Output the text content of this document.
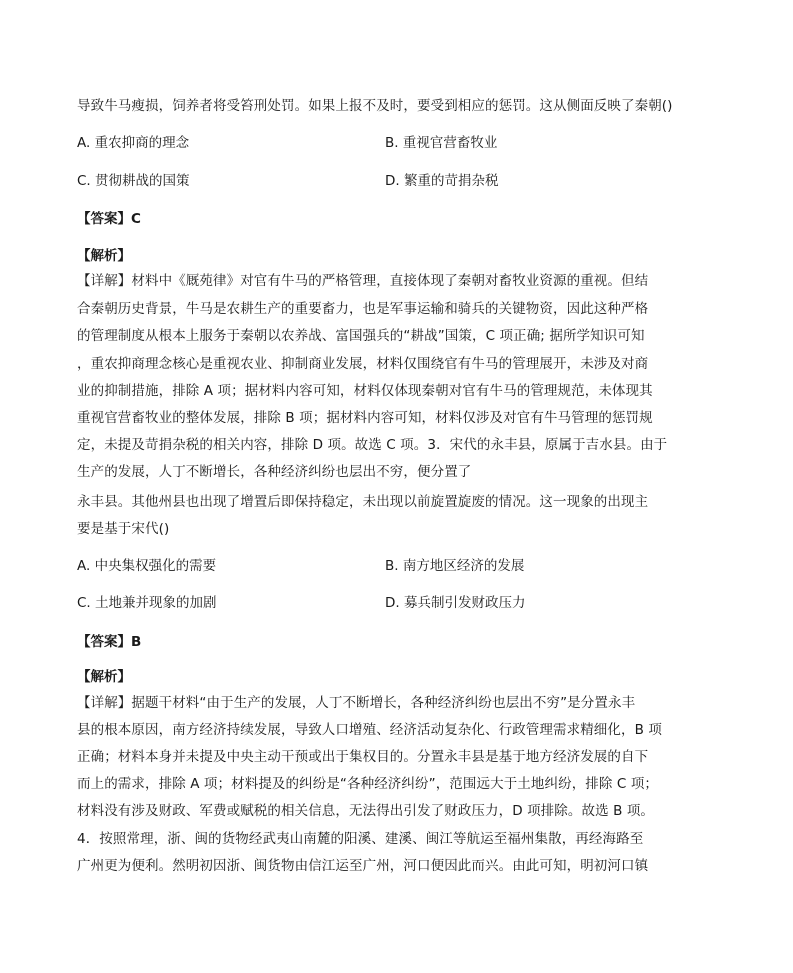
导致牛马瘦损，饲养者将受笞刑处罚。如果上报不及时，要受到相应的惩罚。这从侧面反映了秦朝()
A. 重农抑商的理念	B. 重视官营畜牧业
C. 贯彻耕战的国策	D. 繁重的苛捐杂税
【答案】C
【解析】
【详解】材料中《厩苑律》对官有牛马的严格管理，直接体现了秦朝对畜牧业资源的重视。但结
合秦朝历史背景，牛马是农耕生产的重要畜力，也是军事运输和骑兵的关键物资，因此这种严格
的管理制度从根本上服务于秦朝以农养战、富国强兵的“耕战”国策，C 项正确; 据所学知识可知
，重农抑商理念核心是重视农业、抑制商业发展，材料仅围绕官有牛马的管理展开，未涉及对商
业的抑制措施，排除 A 项；据材料内容可知，材料仅体现秦朝对官有牛马的管理规范，未体现其
重视官营畜牧业的整体发展，排除 B 项；据材料内容可知，材料仅涉及对官有牛马管理的惩罚规
定，未提及苛捐杂税的相关内容，排除 D 项。故选 C 项。3．宋代的永丰县，原属于吉水县。由于
生产的发展，人丁不断增长，各种经济纠纷也层出不穷，便分置了
永丰县。其他州县也出现了增置后即保持稳定，未出现以前旋置旋废的情况。这一现象的出现主
要是基于宋代()
A. 中央集权强化的需要	B. 南方地区经济的发展
C. 土地兼并现象的加剧	D. 募兵制引发财政压力
【答案】B
【解析】
【详解】据题干材料“由于生产的发展，人丁不断增长，各种经济纠纷也层出不穷”是分置永丰
县的根本原因，南方经济持续发展，导致人口增殖、经济活动复杂化、行政管理需求精细化，B 项
正确；材料本身并未提及中央主动干预或出于集权目的。分置永丰县是基于地方经济发展的自下
而上的需求，排除 A 项；材料提及的纠纷是“各种经济纠纷”，范围远大于土地纠纷，排除 C 项；
材料没有涉及财政、军费或赋税的相关信息，无法得出引发了财政压力，D 项排除。故选 B 项。
4．按照常理，浙、闽的货物经武夷山南麓的阳溪、建溪、闽江等航运至福州集散，再经海路至
广州更为便利。然明初因浙、闽货物由信江运至广州，河口便因此而兴。由此可知，明初河口镇
